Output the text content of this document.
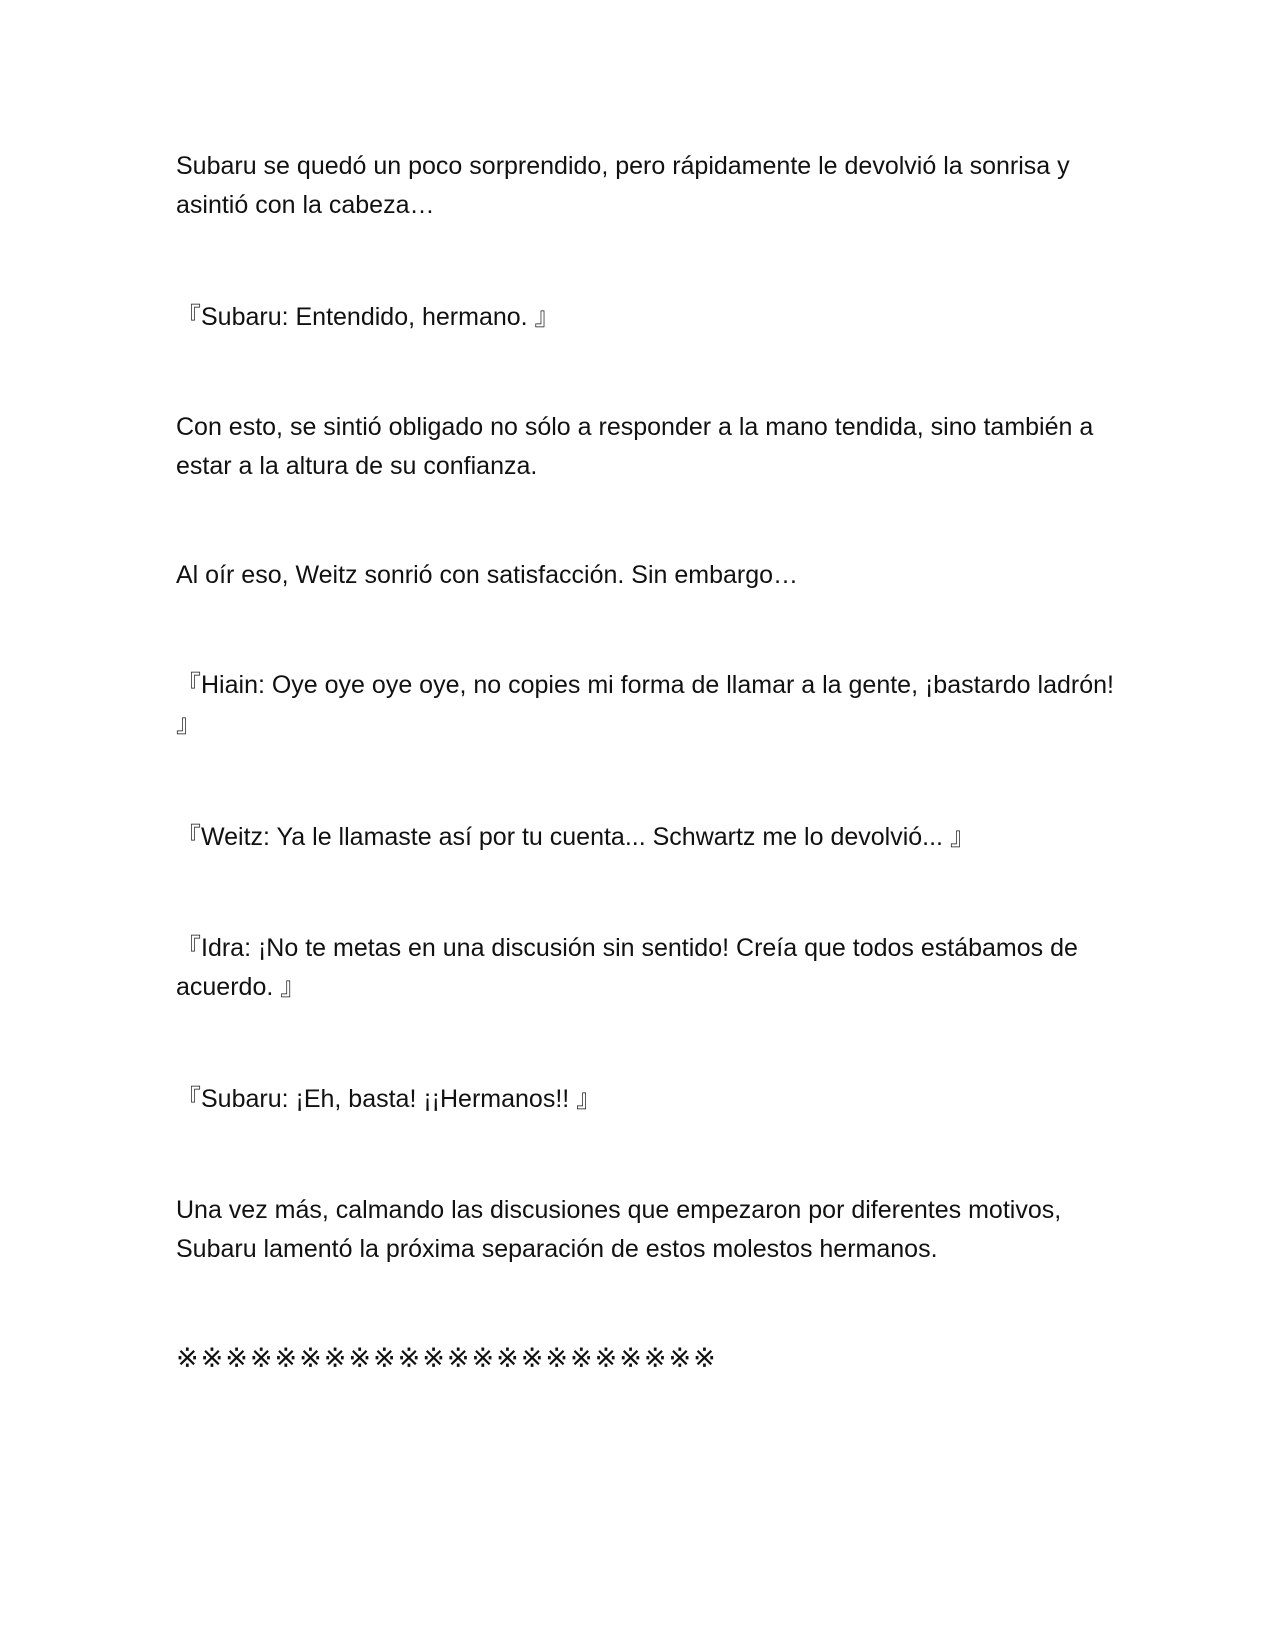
Subaru se quedó un poco sorprendido, pero rápidamente le devolvió la sonrisa y asintió con la cabeza…

『Subaru: Entendido, hermano. 』

Con esto, se sintió obligado no sólo a responder a la mano tendida, sino también a estar a la altura de su confianza.

Al oír eso, Weitz sonrió con satisfacción. Sin embargo…

『Hiain: Oye oye oye oye, no copies mi forma de llamar a la gente, ¡bastardo ladrón! 』

『Weitz: Ya le llamaste así por tu cuenta... Schwartz me lo devolvió... 』

『Idra: ¡No te metas en una discusión sin sentido! Creía que todos estábamos de acuerdo. 』

『Subaru: ¡Eh, basta! ¡¡Hermanos!! 』

Una vez más, calmando las discusiones que empezaron por diferentes motivos, Subaru lamentó la próxima separación de estos molestos hermanos.

※※※※※※※※※※※※※※※※※※※※※※
